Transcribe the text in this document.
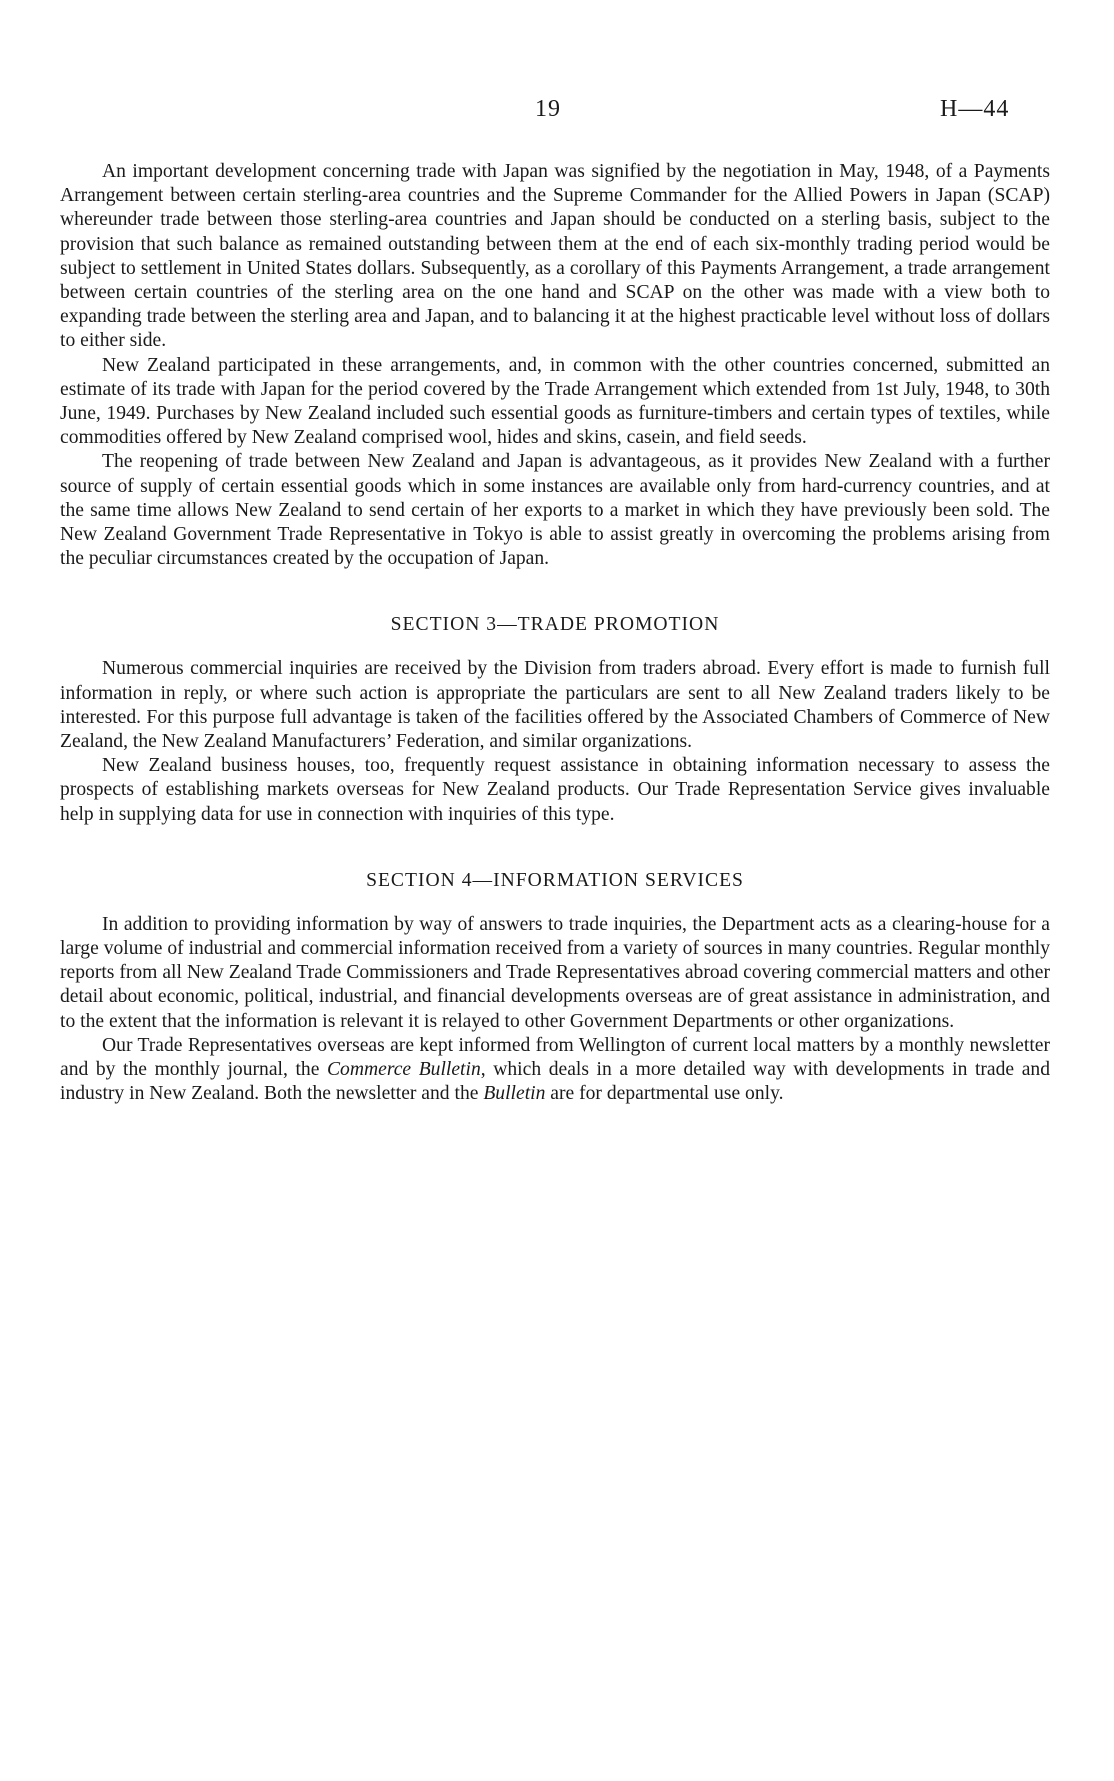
19	H—44

An important development concerning trade with Japan was signified by the negotiation in May, 1948, of a Payments Arrangement between certain sterling-area countries and the Supreme Commander for the Allied Powers in Japan (SCAP) whereunder trade between those sterling-area countries and Japan should be conducted on a sterling basis, subject to the provision that such balance as remained outstanding between them at the end of each six-monthly trading period would be subject to settlement in United States dollars. Subsequently, as a corollary of this Payments Arrangement, a trade arrangement between certain countries of the sterling area on the one hand and SCAP on the other was made with a view both to expanding trade between the sterling area and Japan, and to balancing it at the highest practicable level without loss of dollars to either side.

New Zealand participated in these arrangements, and, in common with the other countries concerned, submitted an estimate of its trade with Japan for the period covered by the Trade Arrangement which extended from 1st July, 1948, to 30th June, 1949. Purchases by New Zealand included such essential goods as furniture-timbers and certain types of textiles, while commodities offered by New Zealand comprised wool, hides and skins, casein, and field seeds.

The reopening of trade between New Zealand and Japan is advantageous, as it provides New Zealand with a further source of supply of certain essential goods which in some instances are available only from hard-currency countries, and at the same time allows New Zealand to send certain of her exports to a market in which they have previously been sold. The New Zealand Government Trade Representative in Tokyo is able to assist greatly in overcoming the problems arising from the peculiar circumstances created by the occupation of Japan.

SECTION 3—TRADE PROMOTION

Numerous commercial inquiries are received by the Division from traders abroad. Every effort is made to furnish full information in reply, or where such action is appropriate the particulars are sent to all New Zealand traders likely to be interested. For this purpose full advantage is taken of the facilities offered by the Associated Chambers of Commerce of New Zealand, the New Zealand Manufacturers’ Federation, and similar organizations.

New Zealand business houses, too, frequently request assistance in obtaining information necessary to assess the prospects of establishing markets overseas for New Zealand products. Our Trade Representation Service gives invaluable help in supplying data for use in connection with inquiries of this type.

SECTION 4—INFORMATION SERVICES

In addition to providing information by way of answers to trade inquiries, the Department acts as a clearing-house for a large volume of industrial and commercial information received from a variety of sources in many countries. Regular monthly reports from all New Zealand Trade Commissioners and Trade Representatives abroad covering commercial matters and other detail about economic, political, industrial, and financial developments overseas are of great assistance in administration, and to the extent that the information is relevant it is relayed to other Government Departments or other organizations.

Our Trade Representatives overseas are kept informed from Wellington of current local matters by a monthly newsletter and by the monthly journal, the Commerce Bulletin, which deals in a more detailed way with developments in trade and industry in New Zealand. Both the newsletter and the Bulletin are for departmental use only.
